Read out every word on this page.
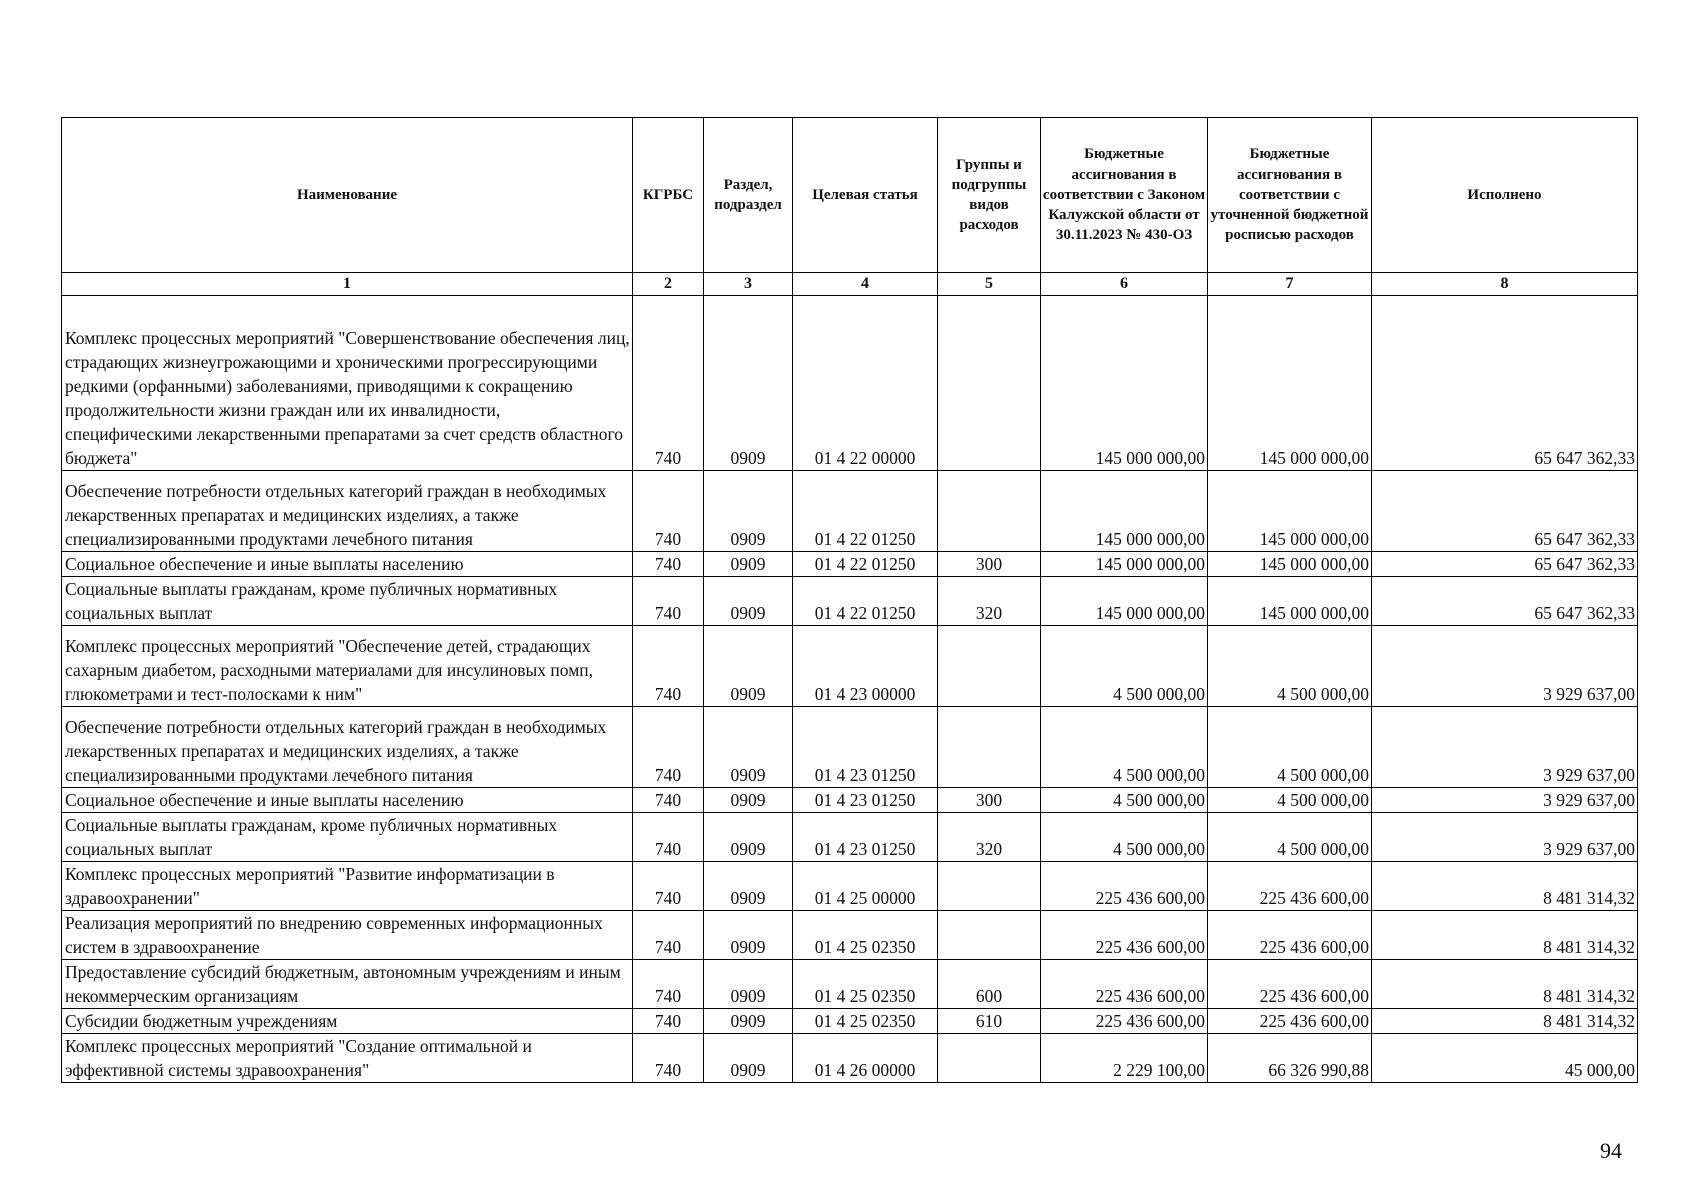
Наименование	КГРБС	Раздел, подраздел	Целевая статья	Группы и подгруппы видов расходов	Бюджетные ассигнования в соответствии с Законом Калужской области от 30.11.2023 № 430-ОЗ	Бюджетные ассигнования в соответствии с уточненной бюджетной росписью расходов	Исполнено
1	2	3	4	5	6	7	8
Комплекс процессных мероприятий "Совершенствование обеспечения лиц, страдающих жизнеугрожающими и хроническими прогрессирующими редкими (орфанными) заболеваниями, приводящими к сокращению продолжительности жизни граждан или их инвалидности, специфическими лекарственными препаратами за счет средств областного бюджета"	740	0909	01 4 22 00000		145 000 000,00	145 000 000,00	65 647 362,33
Обеспечение потребности отдельных категорий граждан в необходимых лекарственных препаратах и медицинских изделиях, а также специализированными продуктами лечебного питания	740	0909	01 4 22 01250		145 000 000,00	145 000 000,00	65 647 362,33
Социальное обеспечение и иные выплаты населению	740	0909	01 4 22 01250	300	145 000 000,00	145 000 000,00	65 647 362,33
Социальные выплаты гражданам, кроме публичных нормативных социальных выплат	740	0909	01 4 22 01250	320	145 000 000,00	145 000 000,00	65 647 362,33
Комплекс процессных мероприятий "Обеспечение детей, страдающих сахарным диабетом, расходными материалами для инсулиновых помп, глюкометрами и тест-полосками к ним"	740	0909	01 4 23 00000		4 500 000,00	4 500 000,00	3 929 637,00
Обеспечение потребности отдельных категорий граждан в необходимых лекарственных препаратах и медицинских изделиях, а также специализированными продуктами лечебного питания	740	0909	01 4 23 01250		4 500 000,00	4 500 000,00	3 929 637,00
Социальное обеспечение и иные выплаты населению	740	0909	01 4 23 01250	300	4 500 000,00	4 500 000,00	3 929 637,00
Социальные выплаты гражданам, кроме публичных нормативных социальных выплат	740	0909	01 4 23 01250	320	4 500 000,00	4 500 000,00	3 929 637,00
Комплекс процессных мероприятий "Развитие информатизации в здравоохранении"	740	0909	01 4 25 00000		225 436 600,00	225 436 600,00	8 481 314,32
Реализация мероприятий по внедрению современных информационных систем в здравоохранение	740	0909	01 4 25 02350		225 436 600,00	225 436 600,00	8 481 314,32
Предоставление субсидий бюджетным, автономным учреждениям и иным некоммерческим организациям	740	0909	01 4 25 02350	600	225 436 600,00	225 436 600,00	8 481 314,32
Субсидии бюджетным учреждениям	740	0909	01 4 25 02350	610	225 436 600,00	225 436 600,00	8 481 314,32
Комплекс процессных мероприятий "Создание оптимальной и эффективной системы здравоохранения"	740	0909	01 4 26 00000		2 229 100,00	66 326 990,88	45 000,00
94
